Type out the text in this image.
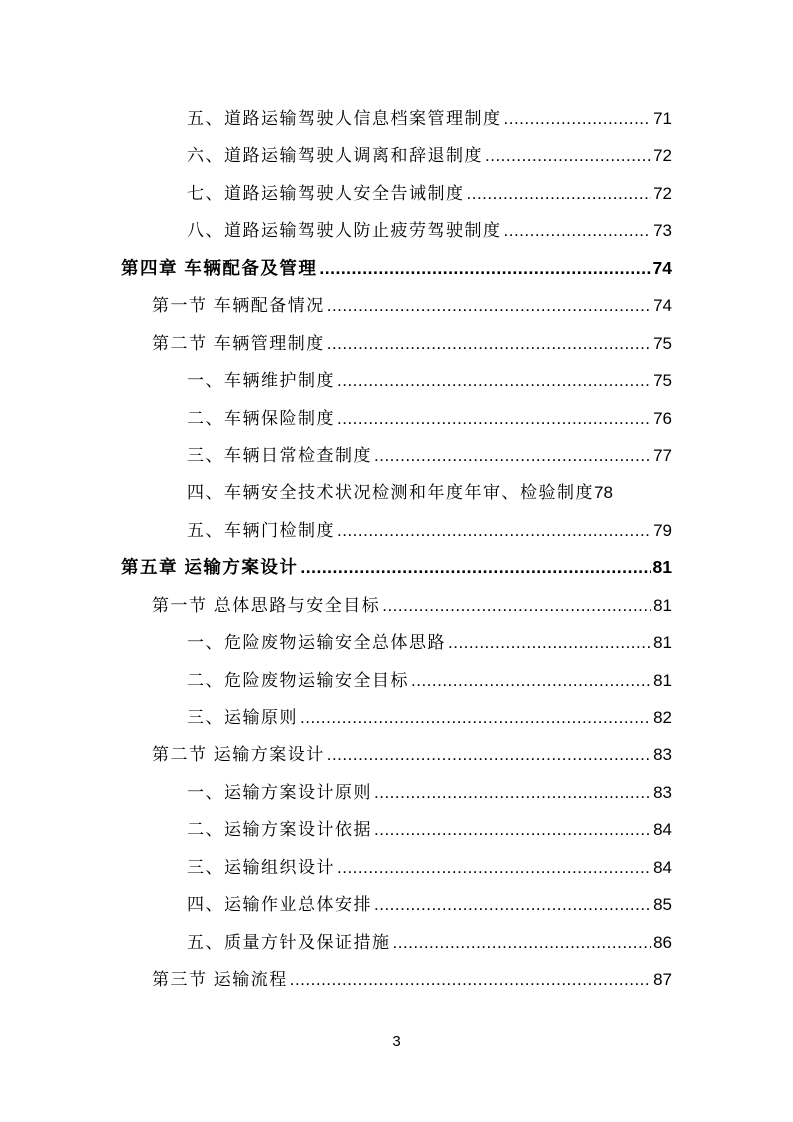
五、道路运输驾驶人信息档案管理制度 .....	71
六、道路运输驾驶人调离和辞退制度 .....	72
七、道路运输驾驶人安全告诫制度 .....	72
八、道路运输驾驶人防止疲劳驾驶制度 .....	73
第四章 车辆配备及管理 .....	74
第一节 车辆配备情况 .....	74
第二节 车辆管理制度 .....	75
一、车辆维护制度 .....	75
二、车辆保险制度 .....	76
三、车辆日常检查制度 .....	77
四、车辆安全技术状况检测和年度年审、检验制度 78
五、车辆门检制度 .....	79
第五章 运输方案设计 .....	81
第一节 总体思路与安全目标 .....	81
一、危险废物运输安全总体思路 .....	81
二、危险废物运输安全目标 .....	81
三、运输原则 .....	82
第二节 运输方案设计 .....	83
一、运输方案设计原则 .....	83
二、运输方案设计依据 .....	84
三、运输组织设计 .....	84
四、运输作业总体安排 .....	85
五、质量方针及保证措施 .....	86
第三节 运输流程 .....	87
3
